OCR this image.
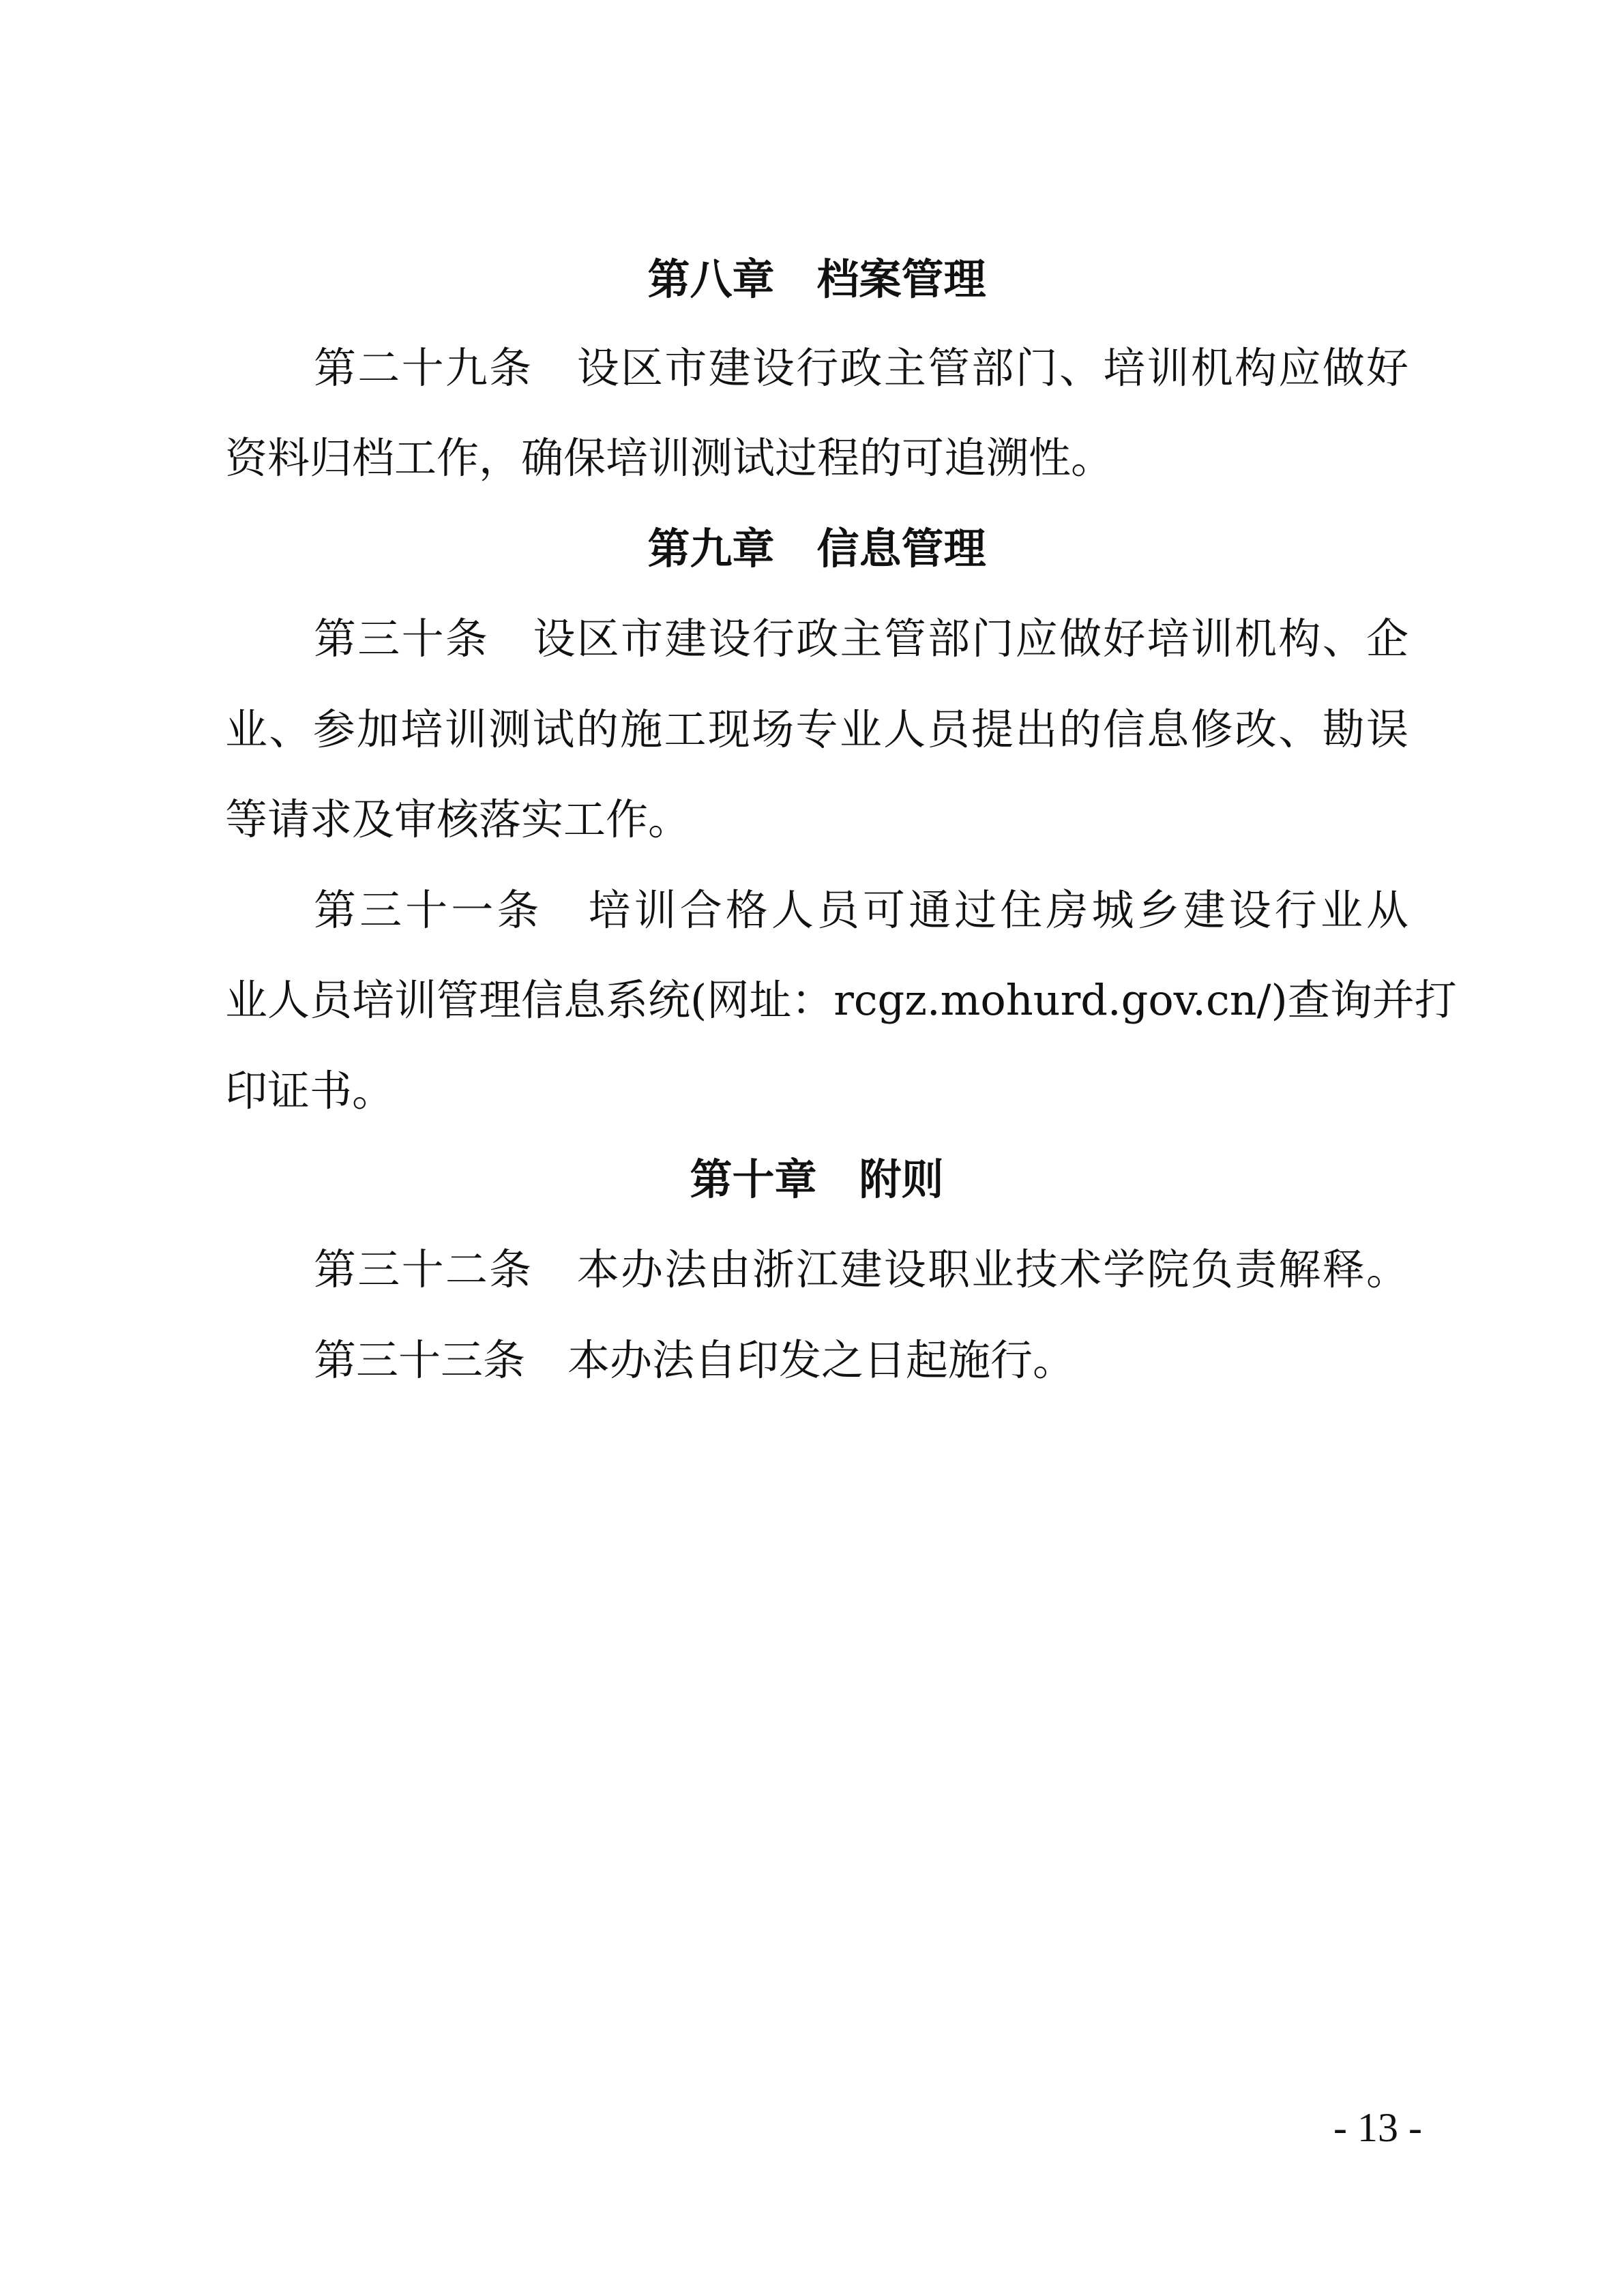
第八章　档案管理
第二十九条　设区市建设行政主管部门、培训机构应做好
资料归档工作，确保培训测试过程的可追溯性。
第九章　信息管理
第三十条　设区市建设行政主管部门应做好培训机构、企
业、参加培训测试的施工现场专业人员提出的信息修改、勘误
等请求及审核落实工作。
第三十一条　培训合格人员可通过住房城乡建设行业从
业人员培训管理信息系统(网址：rcgz.mohurd.gov.cn/)查询并打
印证书。
第十章　附则
第三十二条　本办法由浙江建设职业技术学院负责解释。
第三十三条　本办法自印发之日起施行。
- 13 -
